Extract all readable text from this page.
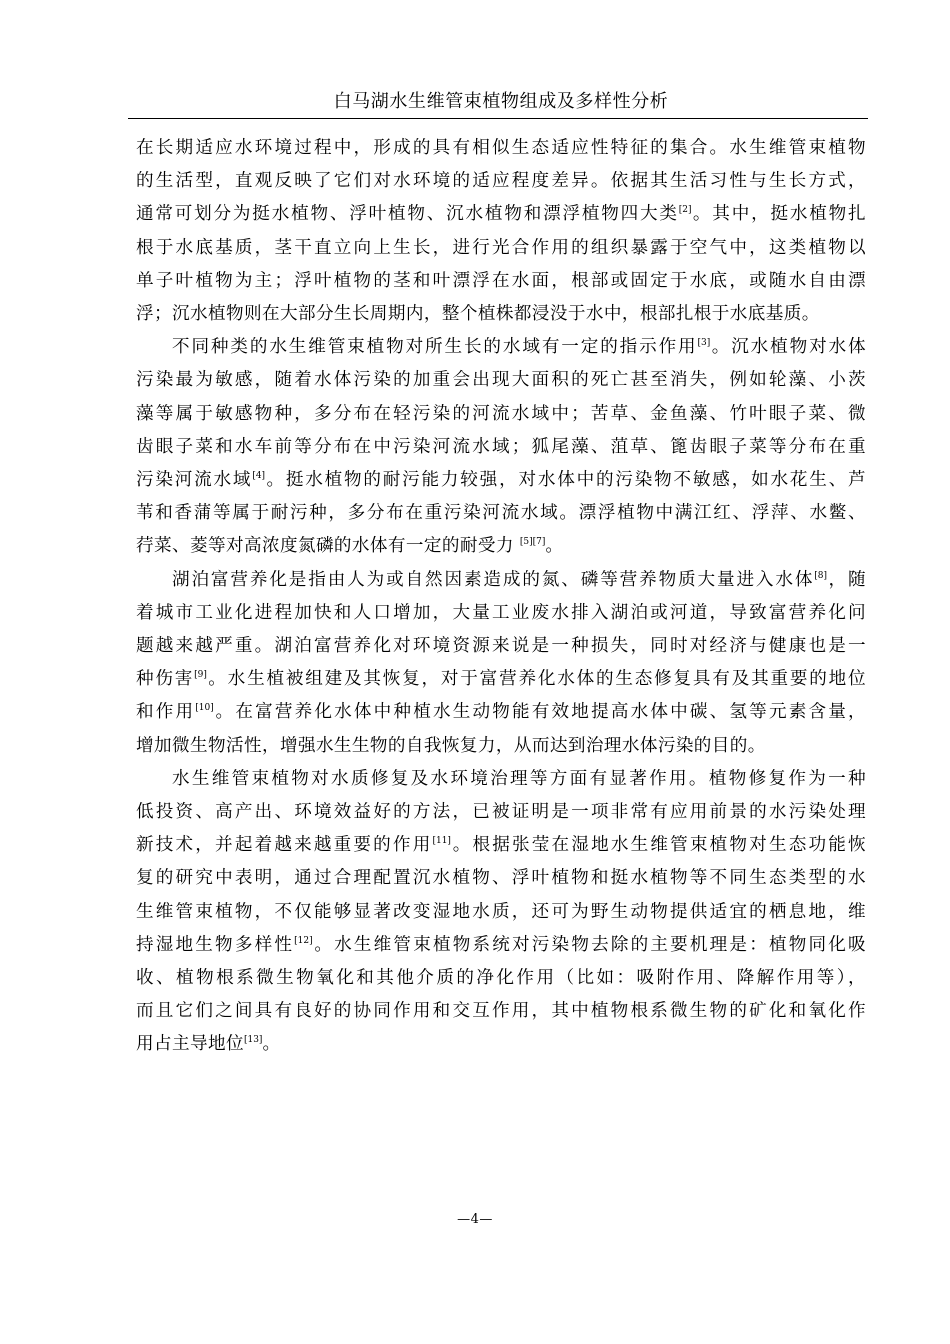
白马湖水生维管束植物组成及多样性分析
在长期适应水环境过程中，形成的具有相似生态适应性特征的集合。水生维管束植物
的生活型，直观反映了它们对水环境的适应程度差异。依据其生活习性与生长方式，
通常可划分为挺水植物、浮叶植物、沉水植物和漂浮植物四大类[2]。其中，挺水植物扎
根于水底基质，茎干直立向上生长，进行光合作用的组织暴露于空气中，这类植物以
单子叶植物为主；浮叶植物的茎和叶漂浮在水面，根部或固定于水底，或随水自由漂
浮；沉水植物则在大部分生长周期内，整个植株都浸没于水中，根部扎根于水底基质。
不同种类的水生维管束植物对所生长的水域有一定的指示作用[3]。沉水植物对水体
污染最为敏感，随着水体污染的加重会出现大面积的死亡甚至消失，例如轮藻、小茨
藻等属于敏感物种，多分布在轻污染的河流水域中；苦草、金鱼藻、竹叶眼子菜、微
齿眼子菜和水车前等分布在中污染河流水域；狐尾藻、菹草、篦齿眼子菜等分布在重
污染河流水域[4]。挺水植物的耐污能力较强，对水体中的污染物不敏感，如水花生、芦
苇和香蒲等属于耐污种，多分布在重污染河流水域。漂浮植物中满江红、浮萍、水鳖、
荇菜、菱等对高浓度氮磷的水体有一定的耐受力 [5][7]。
湖泊富营养化是指由人为或自然因素造成的氮、磷等营养物质大量进入水体[8]，随
着城市工业化进程加快和人口增加，大量工业废水排入湖泊或河道，导致富营养化问
题越来越严重。湖泊富营养化对环境资源来说是一种损失，同时对经济与健康也是一
种伤害[9]。水生植被组建及其恢复，对于富营养化水体的生态修复具有及其重要的地位
和作用[10]。在富营养化水体中种植水生动物能有效地提高水体中碳、氢等元素含量，
增加微生物活性，增强水生生物的自我恢复力，从而达到治理水体污染的目的。
水生维管束植物对水质修复及水环境治理等方面有显著作用。植物修复作为一种
低投资、高产出、环境效益好的方法，已被证明是一项非常有应用前景的水污染处理
新技术，并起着越来越重要的作用[11]。根据张莹在湿地水生维管束植物对生态功能恢
复的研究中表明，通过合理配置沉水植物、浮叶植物和挺水植物等不同生态类型的水
生维管束植物，不仅能够显著改变湿地水质，还可为野生动物提供适宜的栖息地，维
持湿地生物多样性[12]。水生维管束植物系统对污染物去除的主要机理是：植物同化吸
收、植物根系微生物氧化和其他介质的净化作用（比如：吸附作用、降解作用等），
而且它们之间具有良好的协同作用和交互作用，其中植物根系微生物的矿化和氧化作
用占主导地位[13]。
—4—
